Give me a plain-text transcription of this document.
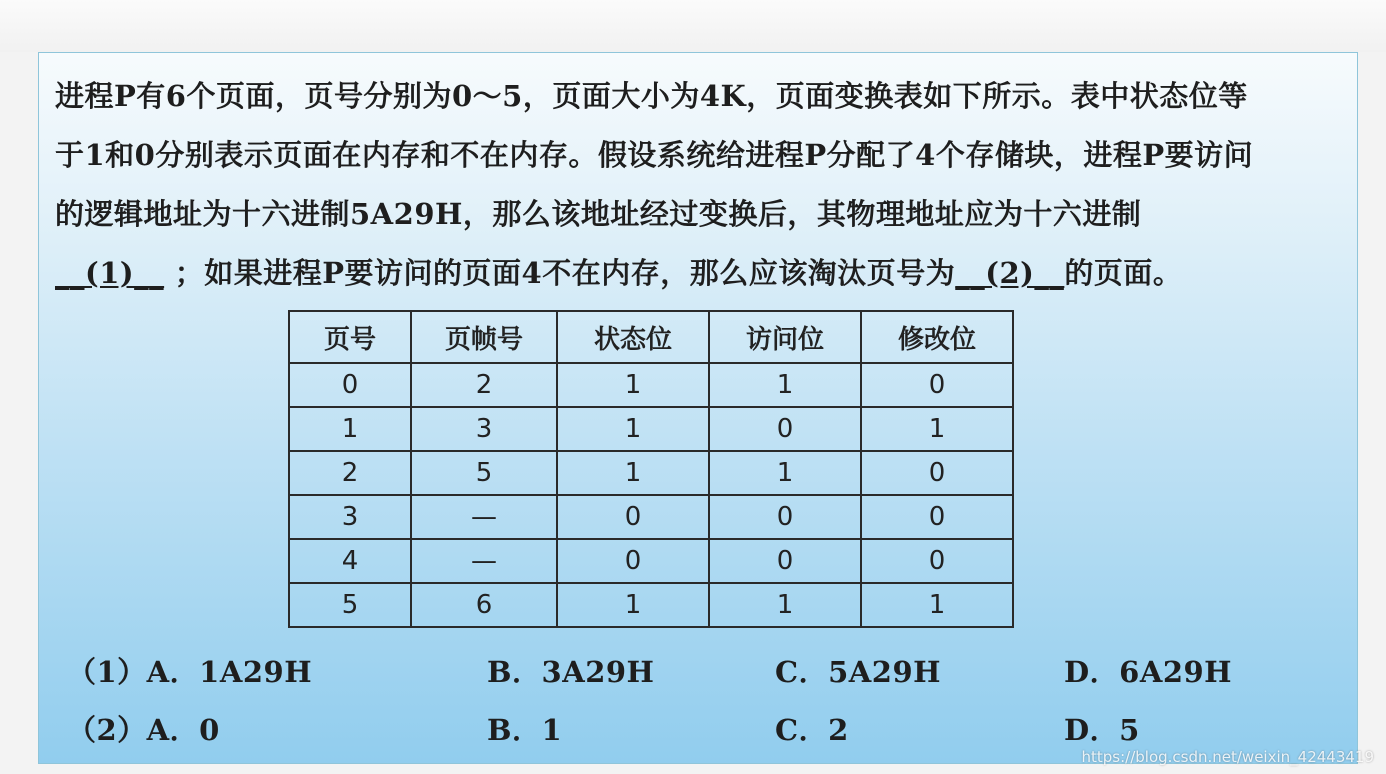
进程P有6个页面，页号分别为0～5，页面大小为4K，页面变换表如下所示。表中状态位等
于1和0分别表示页面在内存和不在内存。假设系统给进程P分配了4个存储块，进程P要访问
的逻辑地址为十六进制5A29H，那么该地址经过变换后，其物理地址应为十六进制
__(1)__ ；如果进程P要访问的页面4不在内存，那么应该淘汰页号为__(2)__的页面。
页号	页帧号	状态位	访问位	修改位
0	2	1	1	0
1	3	1	0	1
2	5	1	1	0
3	—	0	0	0
4	—	0	0	0
5	6	1	1	1
（1）A．1A29H	B．3A29H	C．5A29H	D．6A29H
（2）A．0	B．1	C．2	D．5
https://blog.csdn.net/weixin_42443419
